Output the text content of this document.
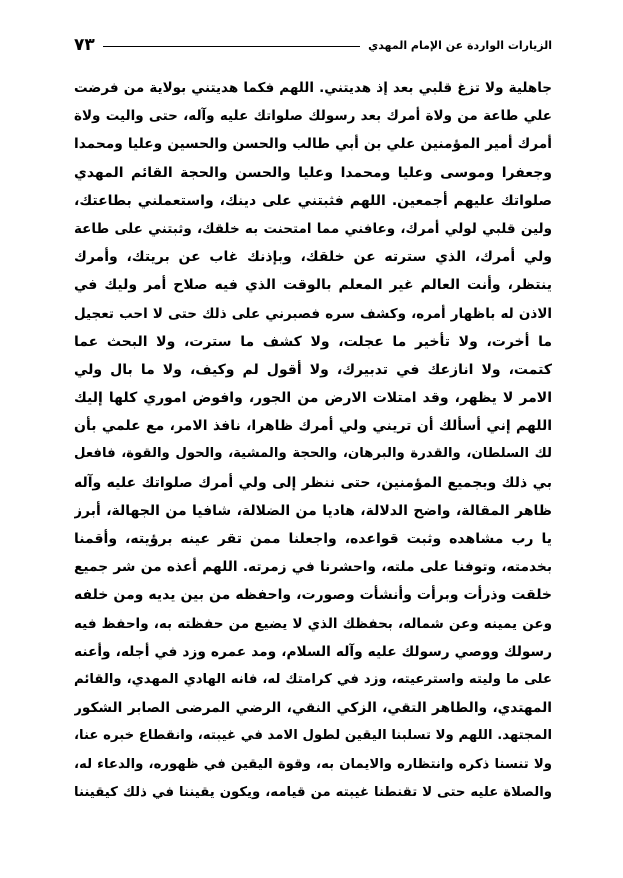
الزيارات الواردة عن الإمام المهدي
٧٣
جاهلية ولا تزغ قلبي بعد إذ هديتني. اللهم فكما هديتني بولاية من فرضت
علي طاعة من ولاة أمرك بعد رسولك صلواتك عليه وآله، حتى واليت ولاة
أمرك أمير المؤمنين علي بن أبي طالب والحسن والحسين وعليا ومحمدا
وجعفرا وموسى وعليا ومحمدا وعليا والحسن والحجة القائم المهدي
صلواتك عليهم أجمعين. اللهم فثبتني على دينك، واستعملني بطاعتك،
ولين قلبي لولي أمرك، وعافني مما امتحنت به خلقك، وثبتني على طاعة
ولي أمرك، الذي سترته عن خلقك، وبإذنك غاب عن بريتك، وأمرك
ينتظر، وأنت العالم غير المعلم بالوقت الذي فيه صلاح أمر وليك في
الاذن له باظهار أمره، وكشف سره فصبرني على ذلك حتى لا احب تعجيل
ما أخرت، ولا تأخير ما عجلت، ولا كشف ما سترت، ولا البحث عما
كتمت، ولا انازعك في تدبيرك، ولا أقول لم وكيف، ولا ما بال ولي
الامر لا يظهر، وقد امتلات الارض من الجور، وافوض اموري كلها إليك
اللهم إني أسألك أن تريني ولي أمرك ظاهرا، نافذ الامر، مع علمي بأن
لك السلطان، والقدرة والبرهان، والحجة والمشية، والحول والقوة، فافعل
بي ذلك وبجميع المؤمنين، حتى ننظر إلى ولي أمرك صلواتك عليه وآله
ظاهر المقالة، واضح الدلالة، هاديا من الضلالة، شافيا من الجهالة، أبرز
يا رب مشاهده وثبت قواعده، واجعلنا ممن تقر عينه برؤيته، وأقمنا
بخدمته، وتوفنا على ملته، واحشرنا في زمرته. اللهم أعذه من شر جميع
خلقت وذرأت وبرأت وأنشأت وصورت، واحفظه من بين يديه ومن خلفه
وعن يمينه وعن شماله، بحفظك الذي لا يضيع من حفظته به، واحفظ فيه
رسولك ووصي رسولك عليه وآله السلام، ومد عمره وزد في أجله، وأعنه
على ما وليته واسترعيته، وزد في كرامتك له، فانه الهادي المهدي، والقائم
المهتدي، والطاهر التقي، الزكي النقي، الرضي المرضى الصابر الشكور
المجتهد. اللهم ولا تسلبنا اليقين لطول الامد في غيبته، وانقطاع خبره عنا،
ولا تنسنا ذكره وانتظاره والايمان به، وقوة اليقين في ظهوره، والدعاء له،
والصلاة عليه حتى لا تقنطنا غيبته من قيامه، ويكون يقيننا في ذلك كيقيننا
